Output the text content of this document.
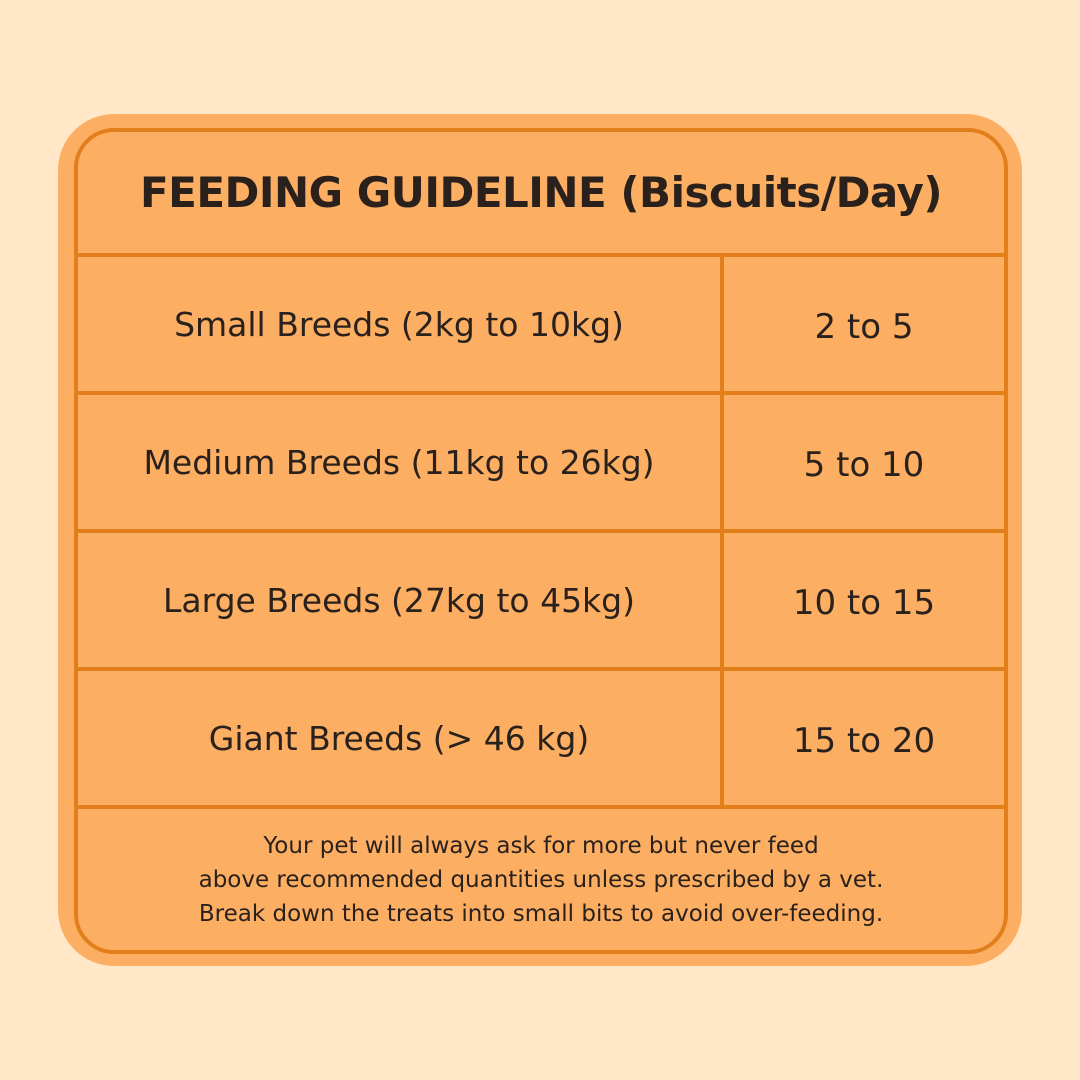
FEEDING GUIDELINE (Biscuits/Day)
Small Breeds (2kg to 10kg)	2 to 5
Medium Breeds (11kg to 26kg)	5 to 10
Large Breeds (27kg to 45kg)	10 to 15
Giant Breeds (> 46 kg)	15 to 20
Your pet will always ask for more but never feed
above recommended quantities unless prescribed by a vet.
Break down the treats into small bits to avoid over-feeding.
